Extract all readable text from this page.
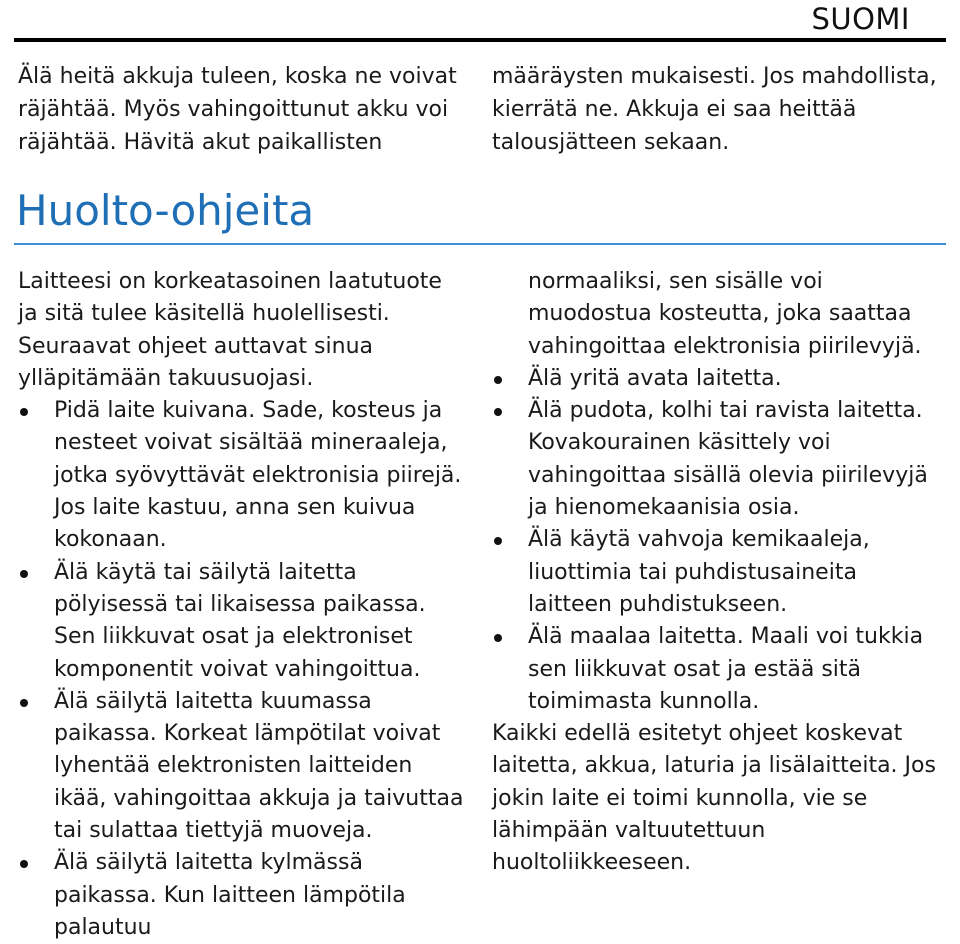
SUOMI
Älä heitä akkuja tuleen, koska ne voivat räjähtää. Myös vahingoittunut akku voi räjähtää. Hävitä akut paikallisten
määräysten mukaisesti. Jos mahdollista, kierrätä ne. Akkuja ei saa heittää talousjätteen sekaan.
Huolto-ohjeita

Laitteesi on korkeatasoinen laatutuote ja sitä tulee käsitellä huolellisesti. Seuraavat ohjeet auttavat sinua ylläpitämään takuusuojasi.

Pidä laite kuivana. Sade, kosteus ja nesteet voivat sisältää mineraaleja, jotka syövyttävät elektronisia piirejä. Jos laite kastuu, anna sen kuivua kokonaan.
Älä käytä tai säilytä laitetta pölyisessä tai likaisessa paikassa. Sen liikkuvat osat ja elektroniset komponentit voivat vahingoittua.
Älä säilytä laitetta kuumassa paikassa. Korkeat lämpötilat voivat lyhentää elektronisten laitteiden ikää, vahingoittaa akkuja ja taivuttaa tai sulattaa tiettyjä muoveja.
Älä säilytä laitetta kylmässä paikassa. Kun laitteen lämpötila palautuu
normaaliksi, sen sisälle voi muodostua kosteutta, joka saattaa vahingoittaa elektronisia piirilevyjä.
Älä yritä avata laitetta.
Älä pudota, kolhi tai ravista laitetta. Kovakourainen käsittely voi vahingoittaa sisällä olevia piirilevyjä ja hienomekaanisia osia.
Älä käytä vahvoja kemikaaleja, liuottimia tai puhdistusaineita laitteen puhdistukseen.
Älä maalaa laitetta. Maali voi tukkia sen liikkuvat osat ja estää sitä toimimasta kunnolla.

Kaikki edellä esitetyt ohjeet koskevat laitetta, akkua, laturia ja lisälaitteita. Jos jokin laite ei toimi kunnolla, vie se lähimpään valtuutettuun huoltoliikkeeseen.
